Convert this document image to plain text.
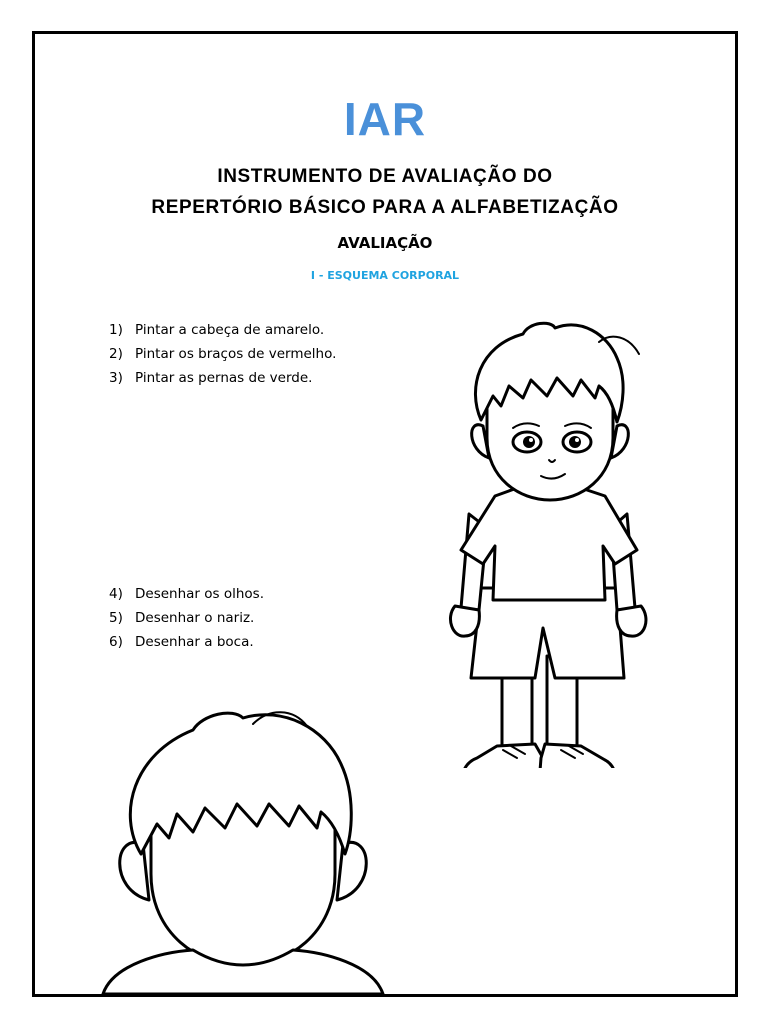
IAR
INSTRUMENTO DE AVALIAÇÃO DO
REPERTÓRIO BÁSICO PARA A ALFABETIZAÇÃO
AVALIAÇÃO
I - ESQUEMA CORPORAL
1) Pintar a cabeça de amarelo.
2) Pintar os braços de vermelho.
3) Pintar as pernas de verde.
4) Desenhar os olhos.
5) Desenhar o nariz.
6) Desenhar a boca.
